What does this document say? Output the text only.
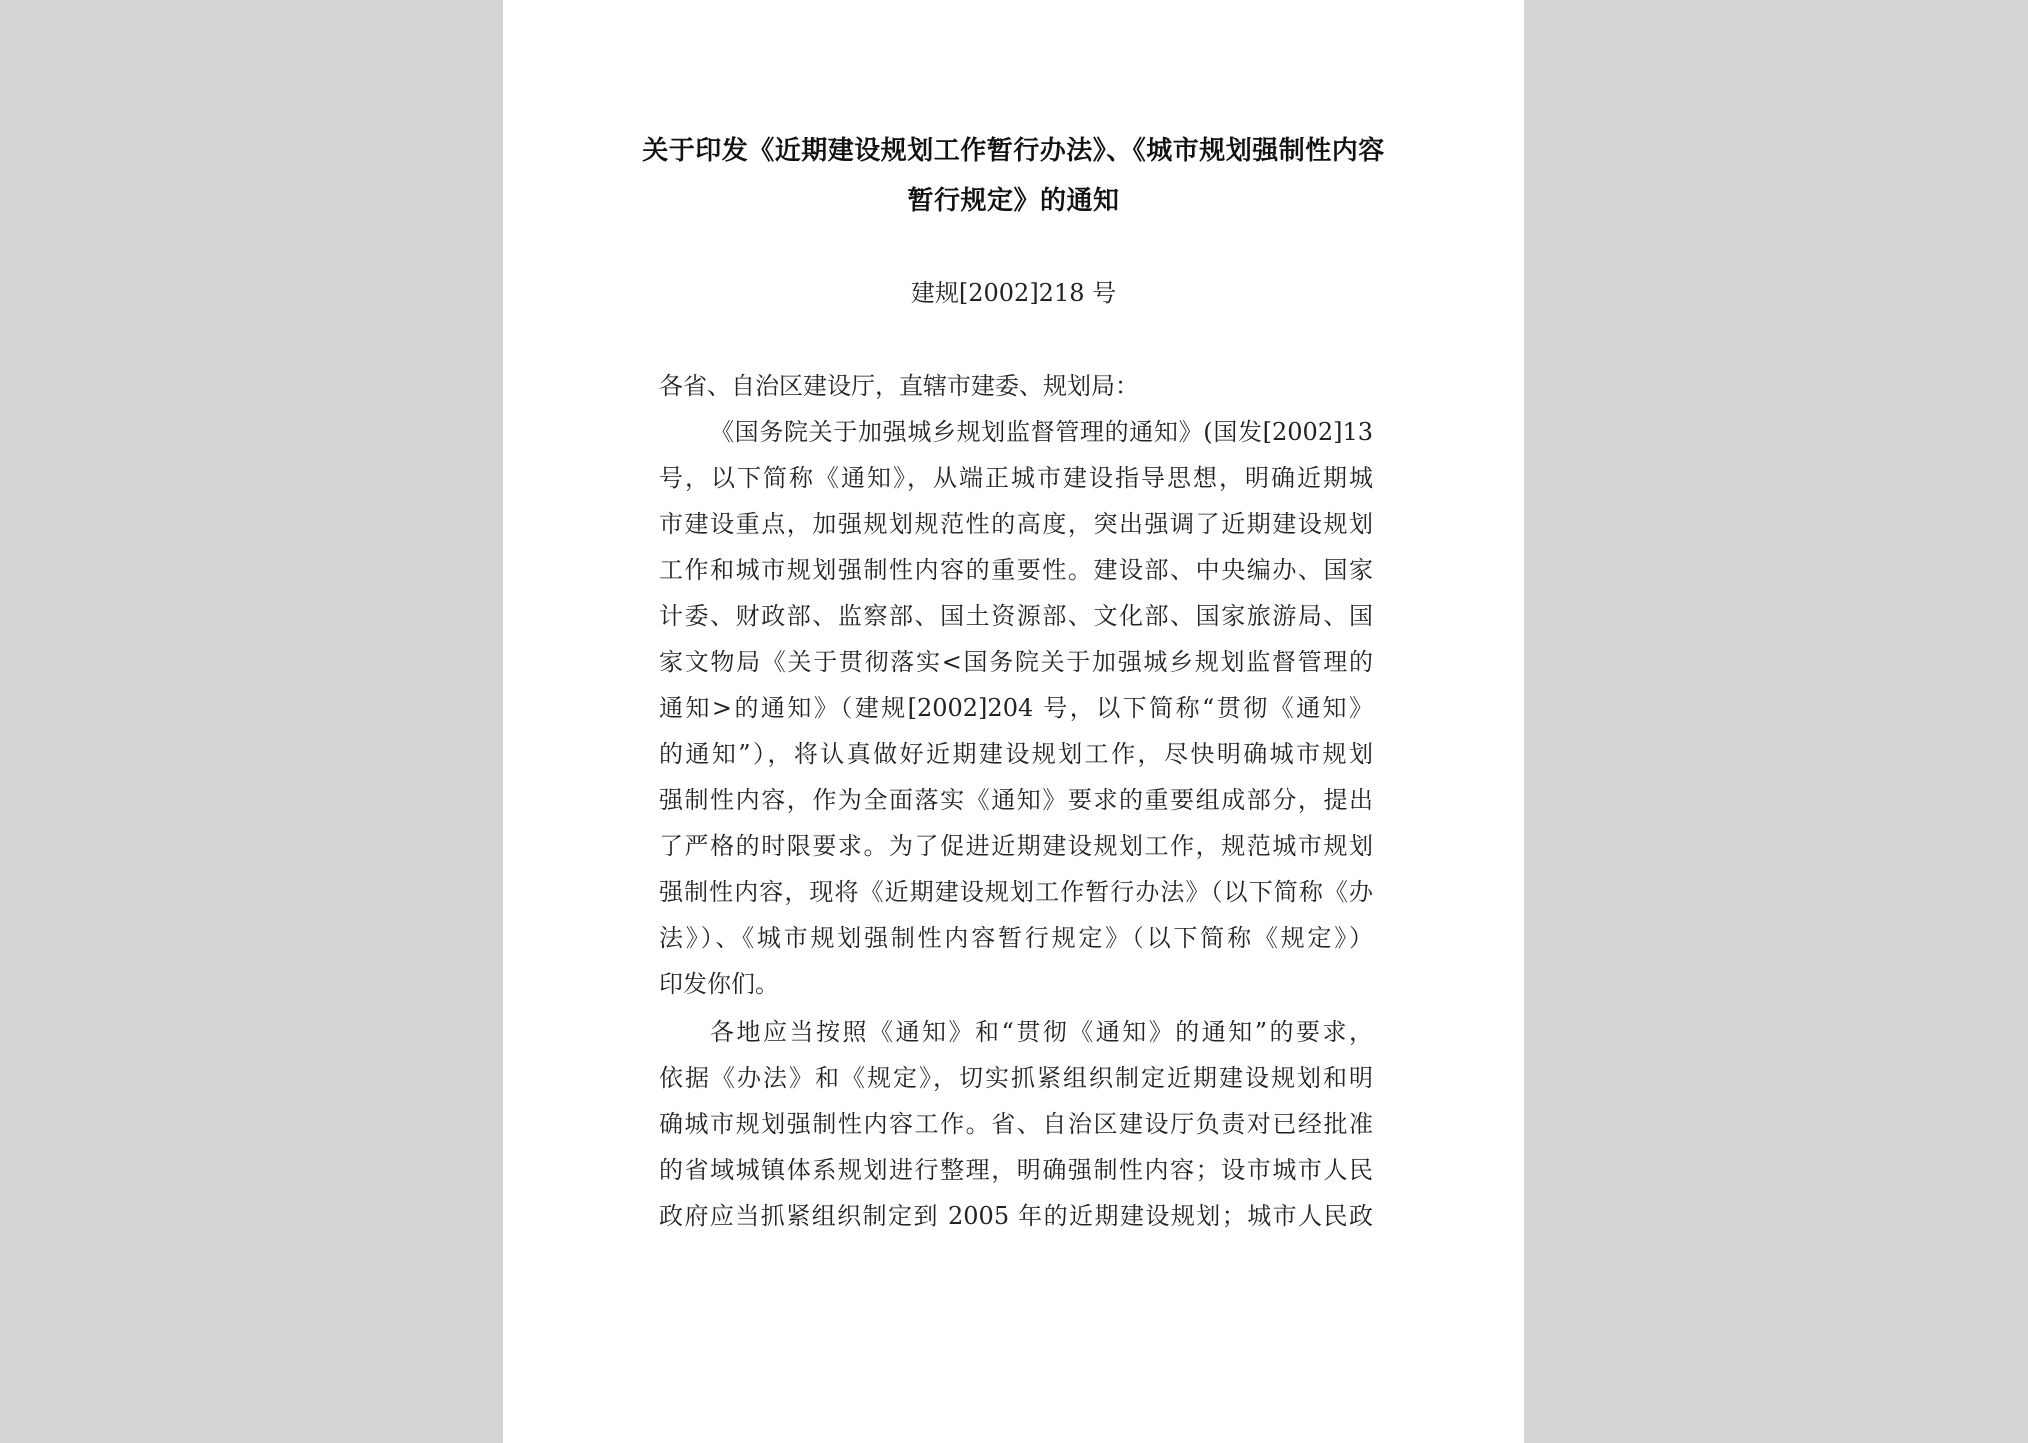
关于印发《近期建设规划工作暂行办法》、《城市规划强制性内容
暂行规定》的通知
建规[2002]218 号
各省、自治区建设厅，直辖市建委、规划局：
《国务院关于加强城乡规划监督管理的通知》(国发[2002]13
号，以下简称《通知》，从端正城市建设指导思想，明确近期城
市建设重点，加强规划规范性的高度，突出强调了近期建设规划
工作和城市规划强制性内容的重要性。建设部、中央编办、国家
计委、财政部、监察部、国土资源部、文化部、国家旅游局、国
家文物局《关于贯彻落实<国务院关于加强城乡规划监督管理的
通知>的通知》（建规[2002]204 号，以下简称“贯彻《通知》
的通知”），将认真做好近期建设规划工作，尽快明确城市规划
强制性内容，作为全面落实《通知》要求的重要组成部分，提出
了严格的时限要求。为了促进近期建设规划工作，规范城市规划
强制性内容，现将《近期建设规划工作暂行办法》（以下简称《办
法》）、《城市规划强制性内容暂行规定》（以下简称《规定》）
印发你们。
各地应当按照《通知》和“贯彻《通知》的通知”的要求，
依据《办法》和《规定》，切实抓紧组织制定近期建设规划和明
确城市规划强制性内容工作。省、自治区建设厅负责对已经批准
的省域城镇体系规划进行整理，明确强制性内容；设市城市人民
政府应当抓紧组织制定到 2005 年的近期建设规划；城市人民政
